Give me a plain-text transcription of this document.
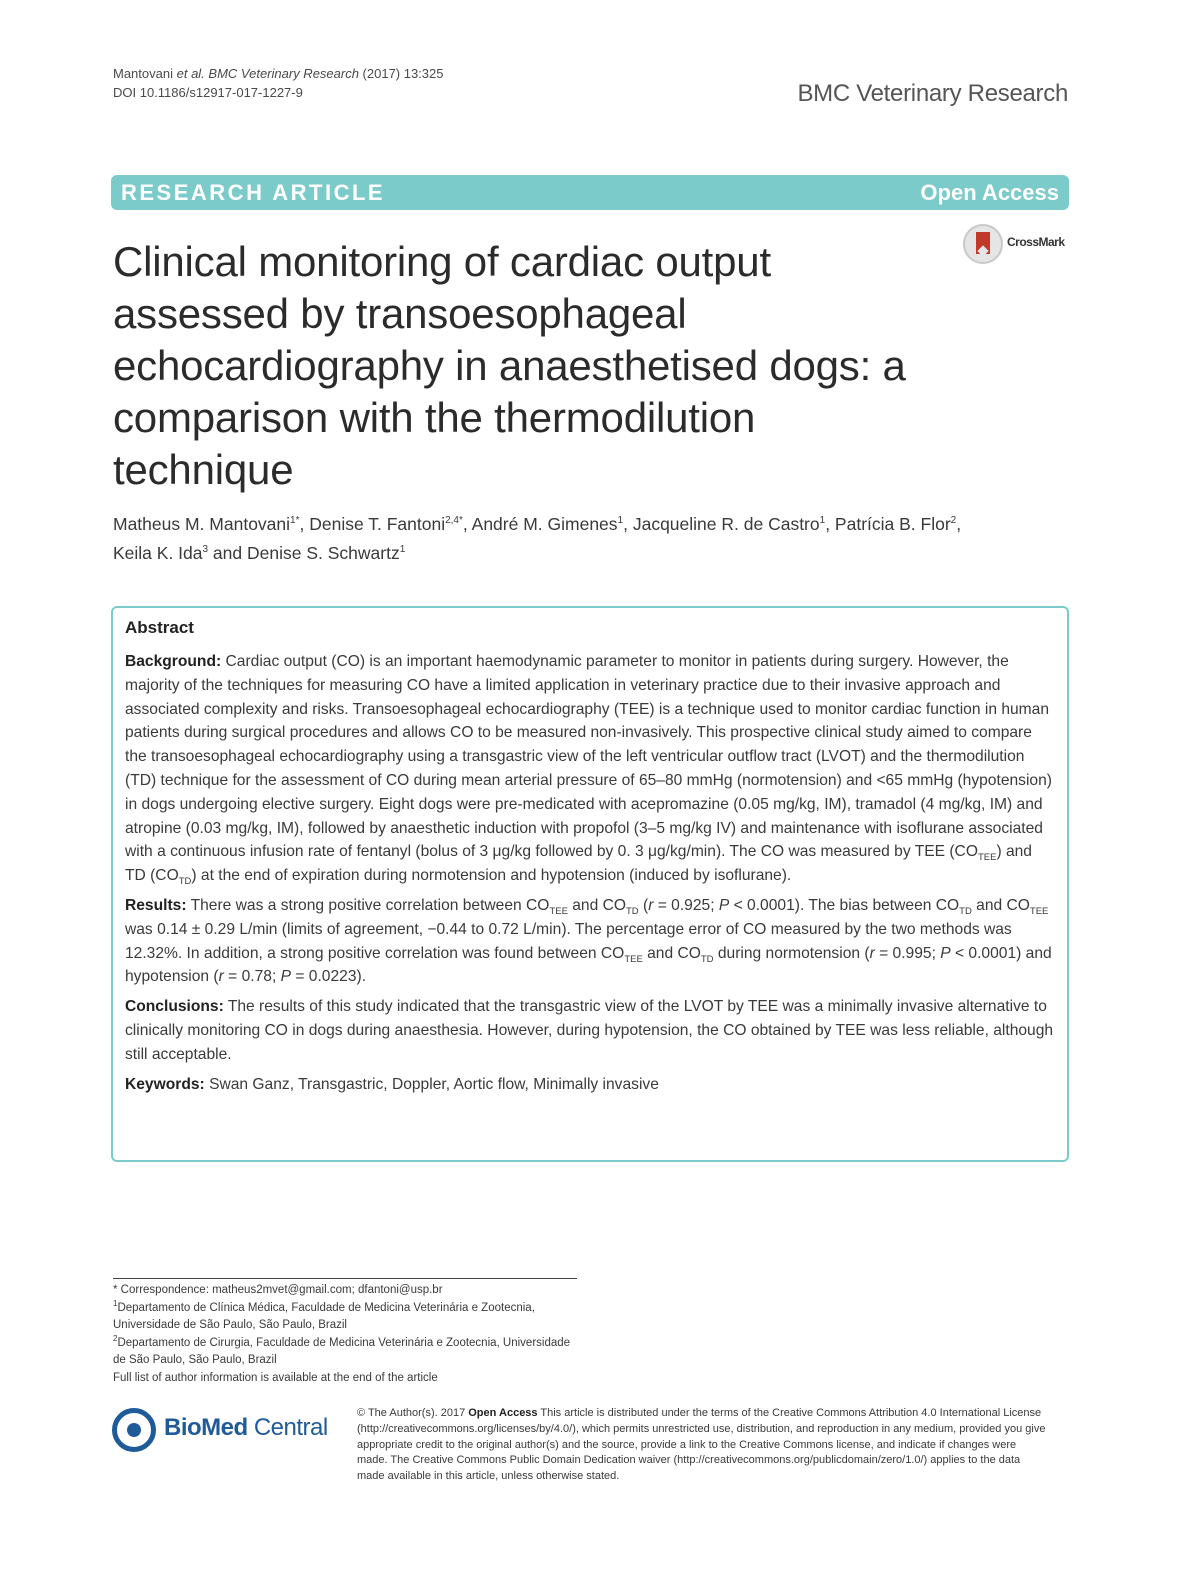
Mantovani et al. BMC Veterinary Research (2017) 13:325
DOI 10.1186/s12917-017-1227-9	BMC Veterinary Research
RESEARCH ARTICLE	Open Access
CrossMark
Clinical monitoring of cardiac output assessed by transoesophageal echocardiography in anaesthetised dogs: a comparison with the thermodilution technique
Matheus M. Mantovani$^{1*}$, Denise T. Fantoni$^{2,4*}$, André M. Gimenes$^1$, Jacqueline R. de Castro$^1$, Patrícia B. Flor$^2$,
Keila K. Ida$^3$ and Denise S. Schwartz$^1$
Abstract

Background: Cardiac output (CO) is an important haemodynamic parameter to monitor in patients during surgery. However, the majority of the techniques for measuring CO have a limited application in veterinary practice due to their invasive approach and associated complexity and risks. Transoesophageal echocardiography (TEE) is a technique used to monitor cardiac function in human patients during surgical procedures and allows CO to be measured non-invasively. This prospective clinical study aimed to compare the transoesophageal echocardiography using a transgastric view of the left ventricular outflow tract (LVOT) and the thermodilution (TD) technique for the assessment of CO during mean arterial pressure of 65–80 mmHg (normotension) and <65 mmHg (hypotension) in dogs undergoing elective surgery. Eight dogs were pre-medicated with acepromazine (0.05 mg/kg, IM), tramadol (4 mg/kg, IM) and atropine (0.03 mg/kg, IM), followed by anaesthetic induction with propofol (3–5 mg/kg IV) and maintenance with isoflurane associated with a continuous infusion rate of fentanyl (bolus of 3 μg/kg followed by 0. 3 μg/kg/min). The CO was measured by TEE $(CO_{TEE})$ and TD $(CO_{TD})$ at the end of expiration during normotension and hypotension (induced by isoflurane).

Results: There was a strong positive correlation between $CO_{TEE}$ and $CO_{TD}$ (r = 0.925; P < 0.0001). The bias between $CO_{TD}$ and $CO_{TEE}$ was 0.14 ± 0.29 L/min (limits of agreement, −0.44 to 0.72 L/min). The percentage error of CO measured by the two methods was 12.32%. In addition, a strong positive correlation was found between $CO_{TEE}$ and $CO_{TD}$ during normotension (r = 0.995; P < 0.0001) and hypotension (r = 0.78; P = 0.0223).

Conclusions: The results of this study indicated that the transgastric view of the LVOT by TEE was a minimally invasive alternative to clinically monitoring CO in dogs during anaesthesia. However, during hypotension, the CO obtained by TEE was less reliable, although still acceptable.

Keywords: Swan Ganz, Transgastric, Doppler, Aortic flow, Minimally invasive

* Correspondence: matheus2mvet@gmail.com; dfantoni@usp.br
$^1$Departamento de Clínica Médica, Faculdade de Medicina Veterinária e Zootecnia, Universidade de São Paulo, São Paulo, Brazil
$^2$Departamento de Cirurgia, Faculdade de Medicina Veterinária e Zootecnia, Universidade de São Paulo, São Paulo, Brazil
Full list of author information is available at the end of the article
BioMed Central
© The Author(s). 2017 Open Access This article is distributed under the terms of the Creative Commons Attribution 4.0 International License (http://creativecommons.org/licenses/by/4.0/), which permits unrestricted use, distribution, and reproduction in any medium, provided you give appropriate credit to the original author(s) and the source, provide a link to the Creative Commons license, and indicate if changes were made. The Creative Commons Public Domain Dedication waiver (http://creativecommons.org/publicdomain/zero/1.0/) applies to the data made available in this article, unless otherwise stated.
